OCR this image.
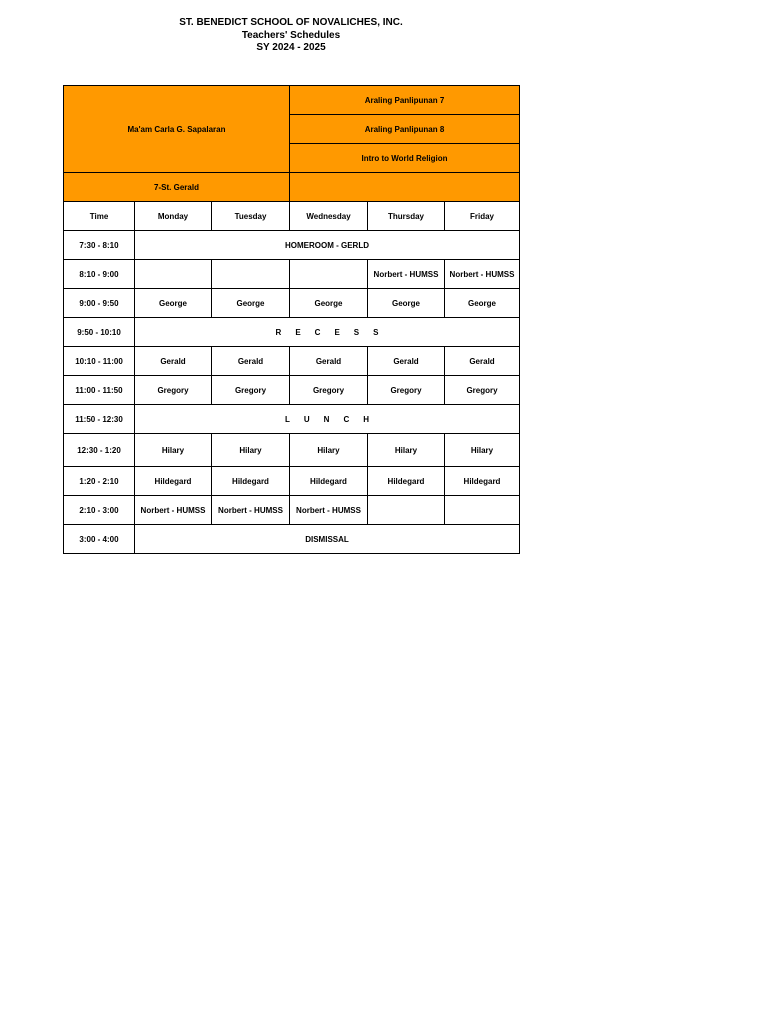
ST. BENEDICT SCHOOL OF NOVALICHES, INC.
Teachers' Schedules
SY 2024 - 2025
Ma'am Carla G. Sapalaran			Araling Panlipunan 7		
			Araling Panlipunan 8		
			Intro to World Religion		
7-St. Gerald					
Time	Monday	Tuesday	Wednesday	Thursday	Friday
7:30 - 8:10	HOMEROOM - GERLD				
8:10 - 9:00				Norbert - HUMSS	Norbert - HUMSS
9:00 - 9:50	George	George	George	George	George
9:50 - 10:10	RECESS				
10:10 - 11:00	Gerald	Gerald	Gerald	Gerald	Gerald
11:00 - 11:50	Gregory	Gregory	Gregory	Gregory	Gregory
11:50 - 12:30	LUNCH				
12:30 - 1:20	Hilary	Hilary	Hilary	Hilary	Hilary
1:20 - 2:10	Hildegard	Hildegard	Hildegard	Hildegard	Hildegard
2:10 - 3:00	Norbert - HUMSS	Norbert - HUMSS	Norbert - HUMSS		
3:00 - 4:00	DISMISSAL				
